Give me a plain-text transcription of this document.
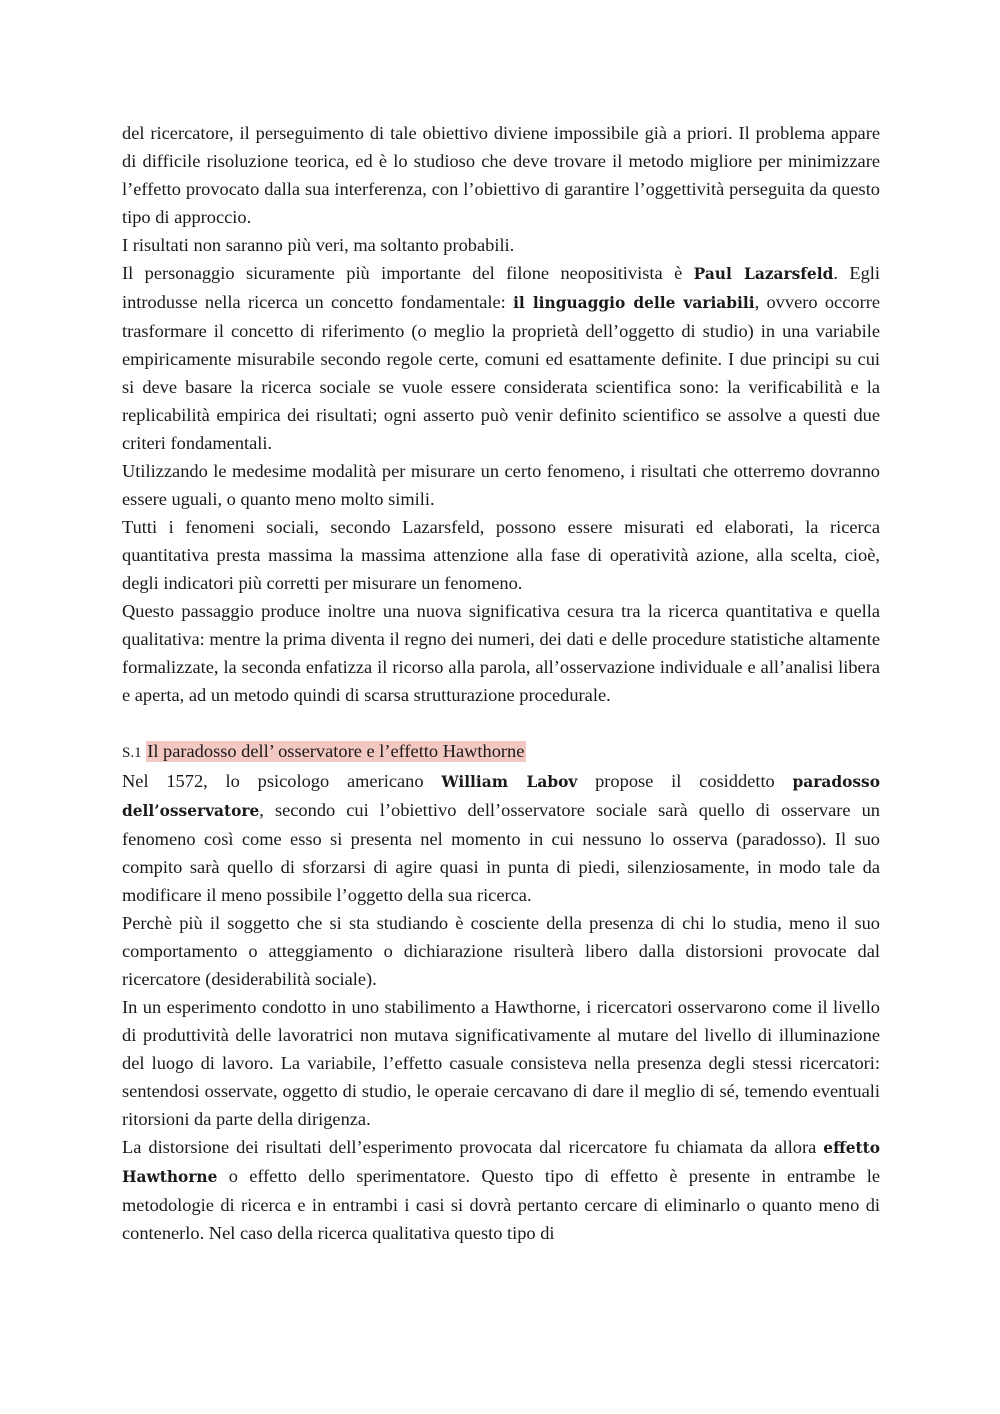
del ricercatore, il perseguimento di tale obiettivo diviene impossibile già a priori. Il problema appare di difficile risoluzione teorica, ed è lo studioso che deve trovare il metodo migliore per minimizzare l’effetto provocato dalla sua interferenza, con l’obiettivo di garantire l’oggettività perseguita da questo tipo di approccio.

I risultati non saranno più veri, ma soltanto probabili.

Il personaggio sicuramente più importante del filone neopositivista è Paul Lazarsfeld. Egli introdusse nella ricerca un concetto fondamentale: il linguaggio delle variabili, ovvero occorre trasformare il concetto di riferimento (o meglio la proprietà dell’oggetto di studio) in una variabile empiricamente misurabile secondo regole certe, comuni ed esattamente definite. I due principi su cui si deve basare la ricerca sociale se vuole essere considerata scientifica sono: la verificabilità e la replicabilità empirica dei risultati; ogni asserto può venir definito scientifico se assolve a questi due criteri fondamentali.

Utilizzando le medesime modalità per misurare un certo fenomeno, i risultati che otterremo dovranno essere uguali, o quanto meno molto simili.

Tutti i fenomeni sociali, secondo Lazarsfeld, possono essere misurati ed elaborati, la ricerca quantitativa presta massima la massima attenzione alla fase di operatività azione, alla scelta, cioè, degli indicatori più corretti per misurare un fenomeno.

Questo passaggio produce inoltre una nuova significativa cesura tra la ricerca quantitativa e quella qualitativa: mentre la prima diventa il regno dei numeri, dei dati e delle procedure statistiche altamente formalizzate, la seconda enfatizza il ricorso alla parola, all’osservazione individuale e all’analisi libera e aperta, ad un metodo quindi di scarsa strutturazione procedurale.

S.1 Il paradosso dell’ osservatore e l’effetto Hawthorne

Nel 1572, lo psicologo americano William Labov propose il cosiddetto paradosso dell’osservatore, secondo cui l’obiettivo dell’osservatore sociale sarà quello di osservare un fenomeno così come esso si presenta nel momento in cui nessuno lo osserva (paradosso). Il suo compito sarà quello di sforzarsi di agire quasi in punta di piedi, silenziosamente, in modo tale da modificare il meno possibile l’oggetto della sua ricerca.

Perchè più il soggetto che si sta studiando è cosciente della presenza di chi lo studia, meno il suo comportamento o atteggiamento o dichiarazione risulterà libero dalla distorsioni provocate dal ricercatore (desiderabilità sociale).

In un esperimento condotto in uno stabilimento a Hawthorne, i ricercatori osservarono come il livello di produttività delle lavoratrici non mutava significativamente al mutare del livello di illuminazione del luogo di lavoro. La variabile, l’effetto casuale consisteva nella presenza degli stessi ricercatori: sentendosi osservate, oggetto di studio, le operaie cercavano di dare il meglio di sé, temendo eventuali ritorsioni da parte della dirigenza.

La distorsione dei risultati dell’esperimento provocata dal ricercatore fu chiamata da allora effetto Hawthorne o effetto dello sperimentatore. Questo tipo di effetto è presente in entrambe le metodologie di ricerca e in entrambi i casi si dovrà pertanto cercare di eliminarlo o quanto meno di contenerlo. Nel caso della ricerca qualitativa questo tipo di
